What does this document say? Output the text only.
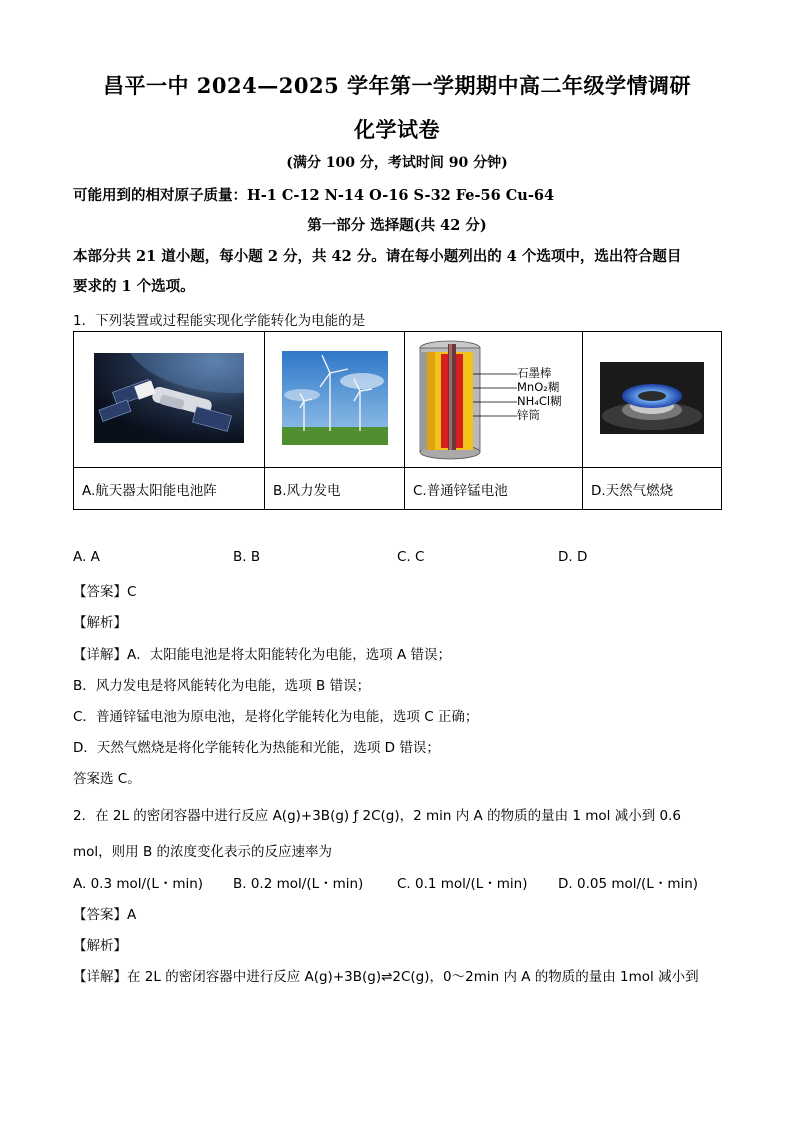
昌平一中 2024—2025 学年第一学期期中高二年级学情调研
化学试卷
(满分 100 分，考试时间 90 分钟)
可能用到的相对原子质量：H-1 C-12 N-14 O-16 S-32 Fe-56 Cu-64
第一部分 选择题(共 42 分)
本部分共 21 道小题，每小题 2 分，共 42 分。请在每小题列出的 4 个选项中，选出符合题目
要求的 1 个选项。
1．下列装置或过程能实现化学能转化为电能的是

石墨棒
MnO₂糊
NH₄Cl糊
锌筒

A.航天器太阳能电池阵	B.风力发电	C.普通锌锰电池	D.天然气燃烧
A. A	B. B	C. C	D. D
【答案】C
【解析】
【详解】A．太阳能电池是将太阳能转化为电能，选项 A 错误；
B．风力发电是将风能转化为电能，选项 B 错误；
C．普通锌锰电池为原电池，是将化学能转化为电能，选项 C 正确；
D．天然气燃烧是将化学能转化为热能和光能，选项 D 错误；
答案选 C。
2．在 2L 的密闭容器中进行反应 A(g)+3B(g) ƒ 2C(g)，2 min 内 A 的物质的量由 1 mol 减小到 0.6
mol，则用 B 的浓度变化表示的反应速率为
A. 0.3 mol/(L・min) B. 0.2 mol/(L・min) C. 0.1 mol/(L・min) D. 0.05 mol/(L・min)
【答案】A
【解析】
【详解】在 2L 的密闭容器中进行反应 A(g)+3B(g)⇌2C(g)，0～2min 内 A 的物质的量由 1mol 减小到
